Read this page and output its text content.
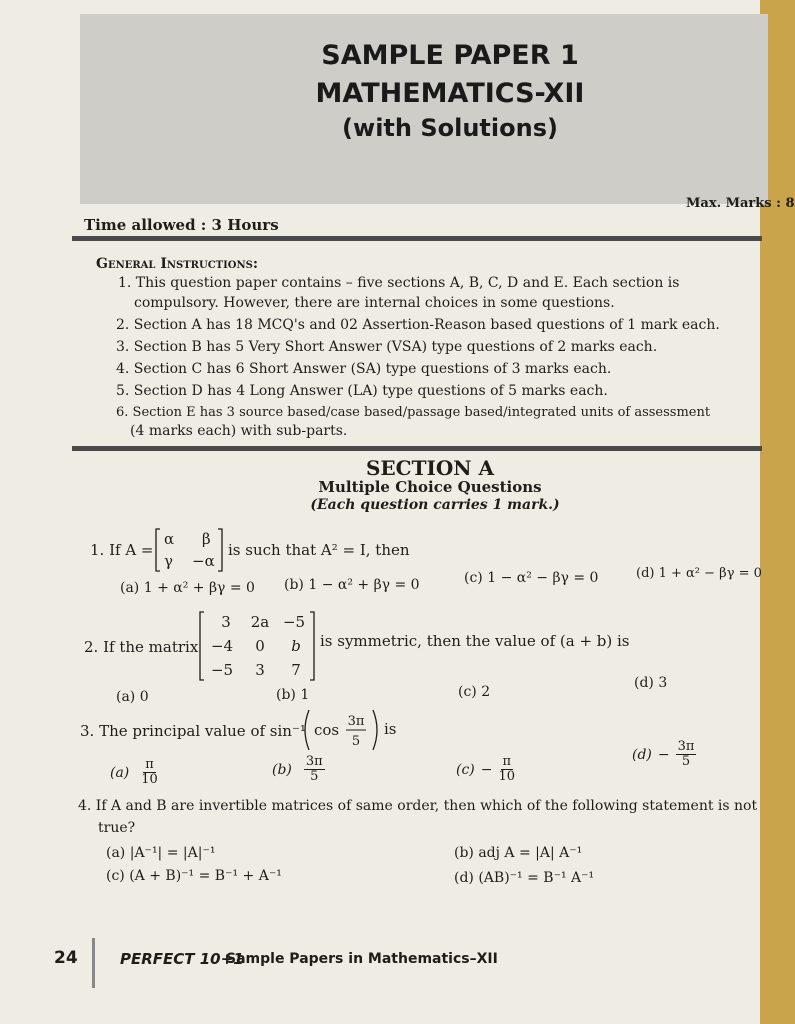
SAMPLE PAPER 1
MATHEMATICS-XII
(with Solutions)
Time allowed : 3 Hours
Max. Marks : 8
General Instructions:
1. This question paper contains – five sections A, B, C, D and E. Each section is
compulsory. However, there are internal choices in some questions.
2. Section A has 18 MCQ's and 02 Assertion-Reason based questions of 1 mark each.
3. Section B has 5 Very Short Answer (VSA) type questions of 2 marks each.
4. Section C has 6 Short Answer (SA) type questions of 3 marks each.
5. Section D has 4 Long Answer (LA) type questions of 5 marks each.
6. Section E has 3 source based/case based/passage based/integrated units of assessment
(4 marks each) with sub-parts.
SECTION A
Multiple Choice Questions
(Each question carries 1 mark.)
1. If A =
α β
γ −α
is such that A² = I, then
(a) 1 + α² + βγ = 0 (b) 1 − α² + βγ = 0	(c) 1 − α² − βγ = 0	(d) 1 + α² − βγ = 0
2. If the matrix
3 2a −5
−4 0 b
−5 3 7
is symmetric, then the value of (a + b) is
(a) 0	(b) 1	(c) 2
(d) 3
3. The principal value of sin⁻¹ cos 3π
5
is
$(a) \frac{\pi}{10}$	$(b) \frac{3\pi}{5}$	$(c) - \frac{\pi}{10}$
$(d) - \frac{3\pi}{5}$
4. If A and B are invertible matrices of same order, then which of the following statement is not
true?
(a) |A⁻¹| = |A|⁻¹
(c) (A + B)⁻¹ = B⁻¹ + A⁻¹
(b) adj A = |A| A⁻¹
(d) (AB)⁻¹ = B⁻¹ A⁻¹
24	PERFECT 10+1
Sample Papers in Mathematics–XII
